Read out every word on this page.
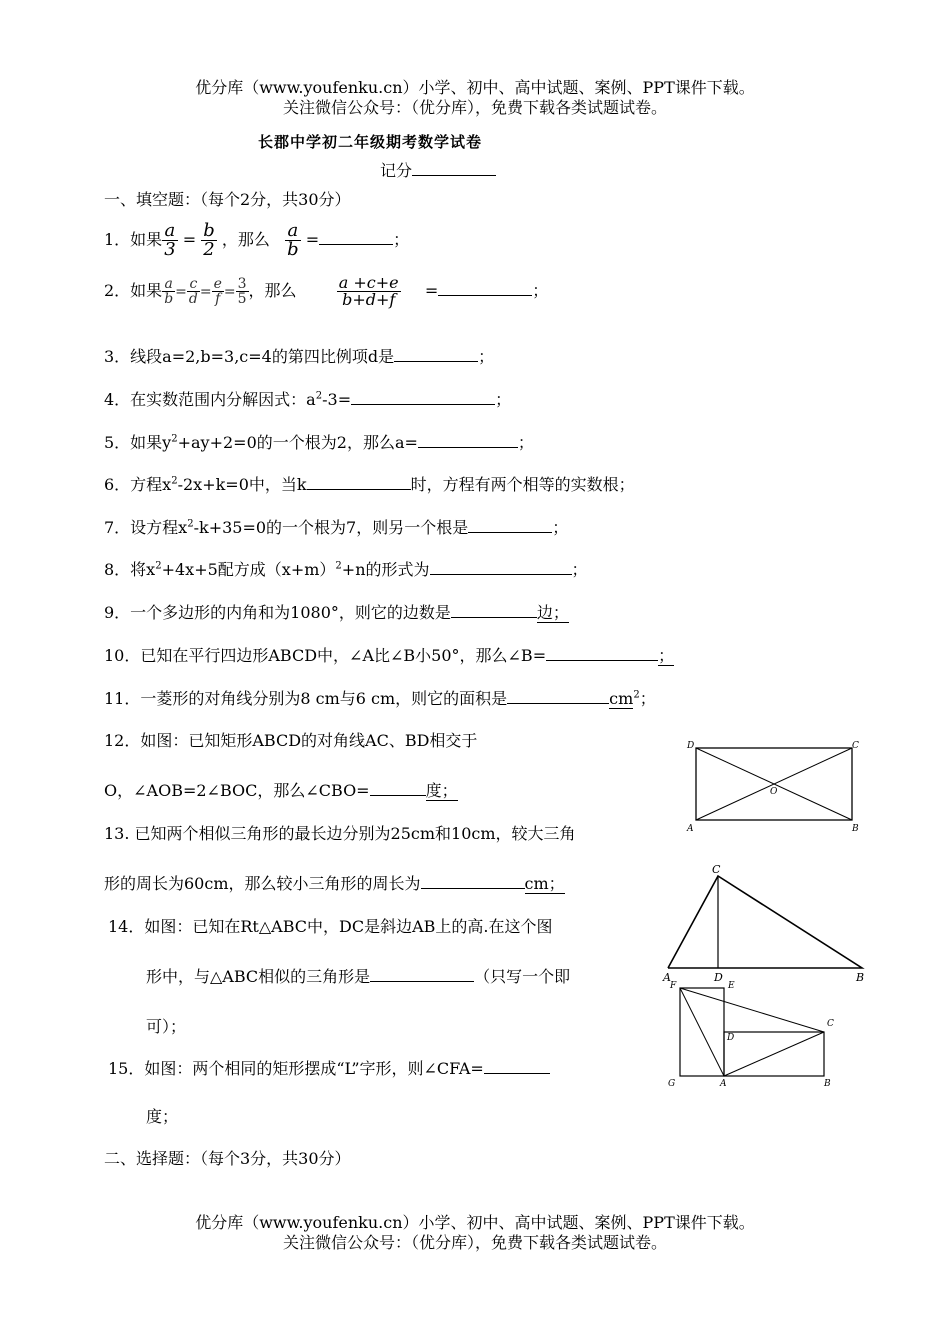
优分库（www.youfenku.cn）小学、初中、高中试题、案例、PPT课件下载。
关注微信公众号：（优分库），免费下载各类试题试卷。
长郡中学初二年级期考数学试卷
记分
一、填空题：（每个2分，共30分）
1．如果 $\frac{a}{3} = \frac{b}{2}$ ，那么 $\frac{a}{b}$ =	；
2．如果 $\frac{a}{b} = \frac{c}{d} = \frac{e}{f} = \frac{3}{5}$ ，那么	$\frac{a +c+e}{b+d+f}$ =	；
3．线段a=2,b=3,c=4的第四比例项d是	；
4．在实数范围内分解因式：$a^2-3=$	；
5．如果$y^2+ay+2=0$的一个根为2，那么a=	；
6．方程$x^2-2x+k=0$中，当k	时，方程有两个相等的实数根；
7．设方程$x^2-k+35=0$的一个根为7，则另一个根是	；
8．将$x^2+4x+5$配方成$(x+m)^2+n$的形式为	；
9．一个多边形的内角和为1080°，则它的边数是	边；
10．已知在平行四边形ABCD中，∠A比∠B小50°，那么∠B=	；
11．一菱形的对角线分别为8 cm与6 cm，则它的面积是	$cm^2$；
12．如图：已知矩形ABCD的对角线AC、BD相交于
O，∠AOB=2∠BOC，那么∠CBO=	度；
D	C
A	B
O
13. 已知两个相似三角形的最长边分别为25cm和10cm，较大三角
形的周长为60cm，那么较小三角形的周长为	cm；
C
A	D	B
14．如图：已知在Rt△ABC中，DC是斜边AB上的高.在这个图
形中，与△ABC相似的三角形是	（只写一个即
可）；
F	E
C
D
G	A	B
15．如图：两个相同的矩形摆成“L”字形，则∠CFA=
度；
二、选择题：（每个3分，共30分）
优分库（www.youfenku.cn）小学、初中、高中试题、案例、PPT课件下载。
关注微信公众号：（优分库），免费下载各类试题试卷。
